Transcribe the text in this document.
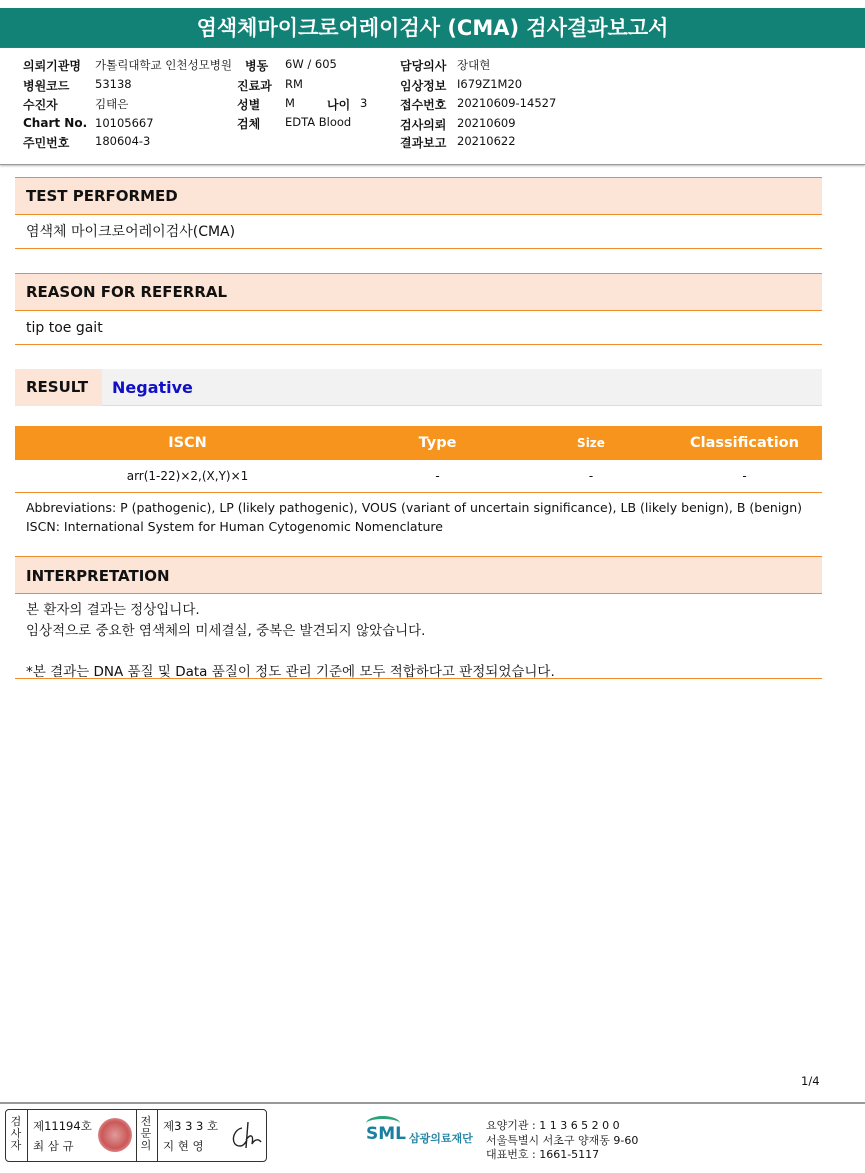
염색체마이크로어레이검사 (CMA) 검사결과보고서
의뢰기관명 가톨릭대학교 인천성모병원
병원코드 53138
수진자	김태은
Chart No. 10105667
주민번호 180604-3
병동 6W / 605
진료과 RM
성별 M	나이 3
검체 EDTA Blood
담당의사 장대현
임상정보 I679Z1M20
접수번호 20210609-14527
검사의뢰 20210609
결과보고 20210622
TEST PERFORMED
염색체 마이크로어레이검사(CMA)
REASON FOR REFERRAL
tip toe gait
RESULT	Negative
ISCN	Type	Size	Classification
arr(1-22)×2,(X,Y)×1	-	-	-
Abbreviations: P (pathogenic), LP (likely pathogenic), VOUS (variant of uncertain significance), LB (likely benign), B (benign)
ISCN: International System for Human Cytogenomic Nomenclature
INTERPRETATION
본 환자의 결과는 정상입니다.
임상적으로 중요한 염색체의 미세결실, 중복은 발견되지 않았습니다.
*본 결과는 DNA 품질 및 Data 품질이 정도 관리 기준에 모두 적합하다고 판정되었습니다.
1/4
검
사
자
제11194호
최 삼 규
전
문
의
제3 3 3 호
지 현 영
SML 삼광의료재단
요양기관 : 1 1 3 6 5 2 0 0
서울특별시 서초구 양재동 9-60
대표번호 : 1661-5117
